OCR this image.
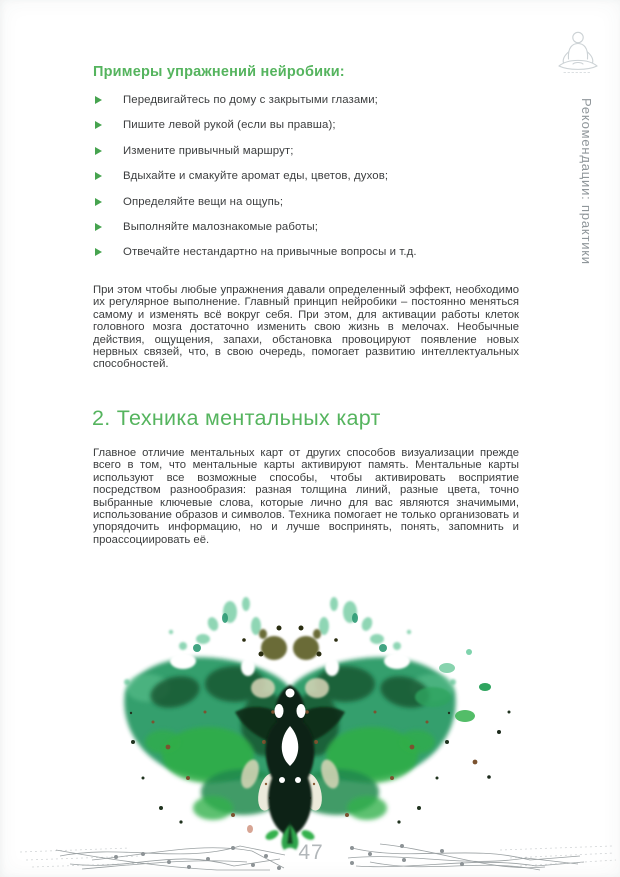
Примеры упражнений нейробики:
Передвигайтесь по дому с закрытыми глазами;
Пишите левой рукой (если вы правша);
Измените привычный маршрут;
Вдыхайте и смакуйте аромат еды, цветов, духов;
Определяйте вещи на ощупь;
Выполняйте малознакомые работы;
Отвечайте нестандартно на привычные вопросы и т.д.

При этом чтобы любые упражнения давали определенный эффект, необходимо их регулярное выполнение. Главный принцип нейробики – постоянно меняться самому и изменять всё вокруг себя. При этом, для активации работы клеток головного мозга достаточно изменить свою жизнь в мелочах. Необычные действия, ощущения, запахи, обстановка провоцируют появление новых нервных связей, что, в свою очередь, помогает развитию интеллектуальных способностей.

2. Техника ментальных карт

Главное отличие ментальных карт от других способов визуализации прежде всего в том, что ментальные карты активируют память. Ментальные карты используют все возможные способы, чтобы активировать восприятие посредством разнообразия: разная толщина линий, разные цвета, точно выбранные ключевые слова, которые лично для вас являются значимыми, использование образов и символов. Техника помогает не только организовать и упорядочить информацию, но и лучше воспринять, понять, запомнить и проассоциировать её.

Рекомендации: практики
47
